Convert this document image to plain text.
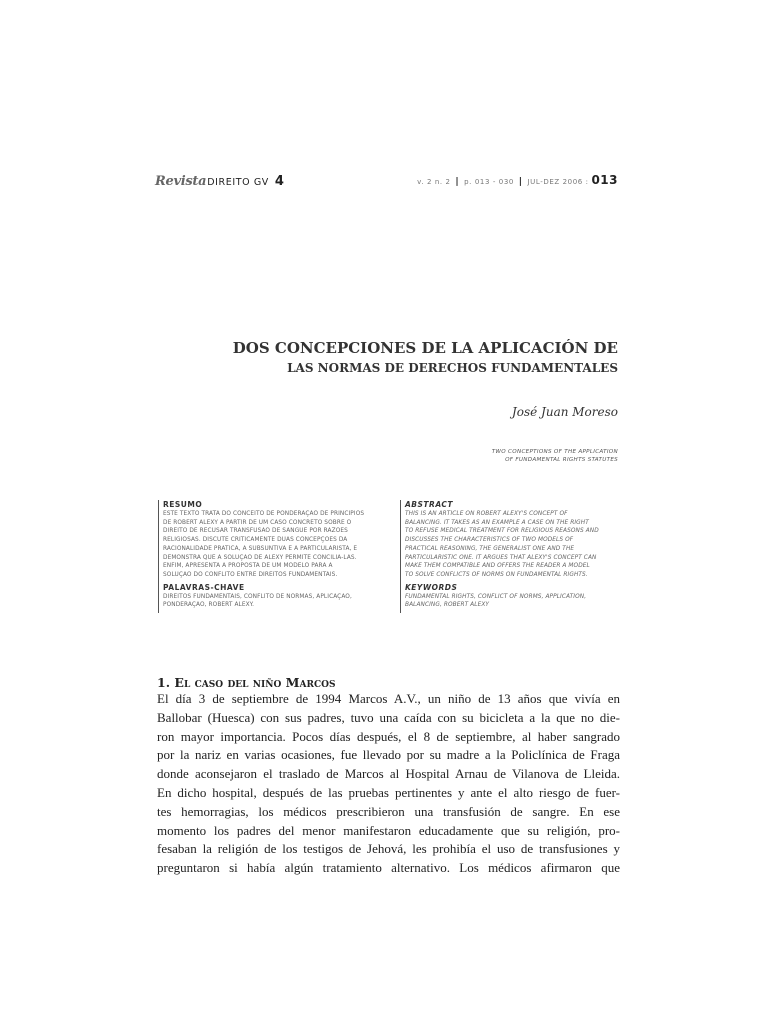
RevistaDIREITO GV 4	v. 2 n. 2 | p. 013 - 030 | JUL-DEZ 2006 : 013
DOS CONCEPCIONES DE LA APLICACIÓN DE
LAS NORMAS DE DERECHOS FUNDAMENTALES
José Juan Moreso
TWO CONCEPTIONS OF THE APPLICATION
OF FUNDAMENTAL RIGHTS STATUTES

RESUMO

ESTE TEXTO TRATA DO CONCEITO DE PONDERAÇÃO DE PRINCÍPIOS
DE ROBERT ALEXY A PARTIR DE UM CASO CONCRETO SOBRE O
DIREITO DE RECUSAR TRANSFUSÃO DE SANGUE POR RAZÕES
RELIGIOSAS. DISCUTE CRITICAMENTE DUAS CONCEPÇÕES DA
RACIONALIDADE PRÁTICA, A SUBSUNTIVA E A PARTICULARISTA, E
DEMONSTRA QUE A SOLUÇÃO DE ALEXY PERMITE CONCILIÁ-LAS.
ENFIM, APRESENTA A PROPOSTA DE UM MODELO PARA A
SOLUÇÃO DO CONFLITO ENTRE DIREITOS FUNDAMENTAIS.

PALAVRAS-CHAVE

DIREITOS FUNDAMENTAIS, CONFLITO DE NORMAS, APLICAÇÃO,
PONDERAÇÃO, ROBERT ALEXY.

ABSTRACT

THIS IS AN ARTICLE ON ROBERT ALEXY'S CONCEPT OF
BALANCING. IT TAKES AS AN EXAMPLE A CASE ON THE RIGHT
TO REFUSE MEDICAL TREATMENT FOR RELIGIOUS REASONS AND
DISCUSSES THE CHARACTERISTICS OF TWO MODELS OF
PRACTICAL REASONING, THE GENERALIST ONE AND THE
PARTICULARISTIC ONE. IT ARGUES THAT ALEXY'S CONCEPT CAN
MAKE THEM COMPATIBLE AND OFFERS THE READER A MODEL
TO SOLVE CONFLICTS OF NORMS ON FUNDAMENTAL RIGHTS.

KEYWORDS

FUNDAMENTAL RIGHTS, CONFLICT OF NORMS, APPLICATION,
BALANCING, ROBERT ALEXY

1. El caso del niño Marcos
El día 3 de septiembre de 1994 Marcos A.V., un niño de 13 años que vivía en
Ballobar (Huesca) con sus padres, tuvo una caída con su bicicleta a la que no die-
ron mayor importancia. Pocos días después, el 8 de septiembre, al haber sangrado
por la nariz en varias ocasiones, fue llevado por su madre a la Policlínica de Fraga
donde aconsejaron el traslado de Marcos al Hospital Arnau de Vilanova de Lleida.
En dicho hospital, después de las pruebas pertinentes y ante el alto riesgo de fuer-
tes hemorragias, los médicos prescribieron una transfusión de sangre. En ese
momento los padres del menor manifestaron educadamente que su religión, pro-
fesaban la religión de los testigos de Jehová, les prohibía el uso de transfusiones y
preguntaron si había algún tratamiento alternativo. Los médicos afirmaron que
